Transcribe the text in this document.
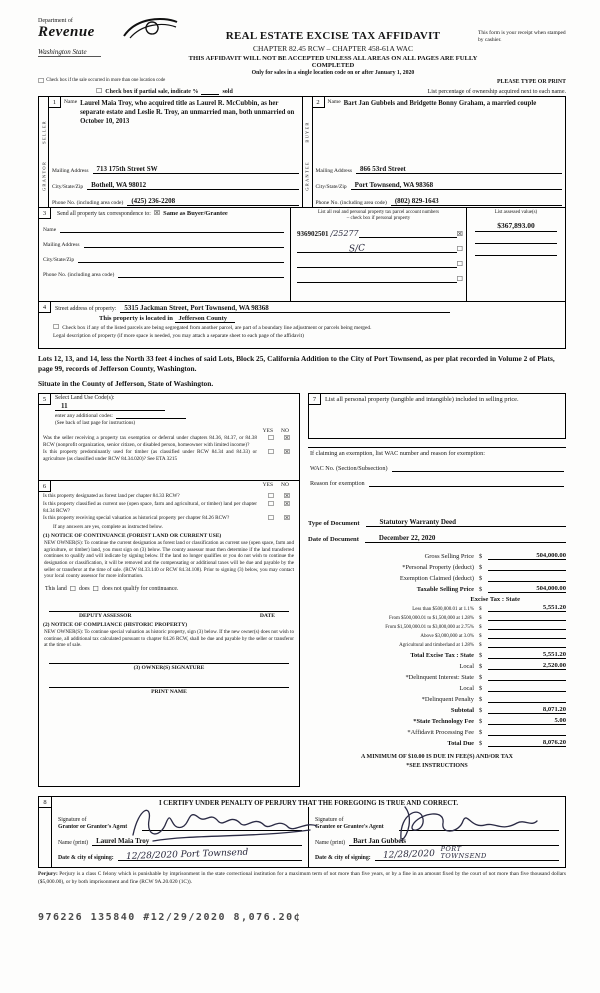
Department of
Revenue
Washington State
REAL ESTATE EXCISE TAX AFFIDAVIT
CHAPTER 82.45 RCW – CHAPTER 458-61A WAC
THIS AFFIDAVIT WILL NOT BE ACCEPTED UNLESS ALL AREAS ON ALL PAGES ARE FULLY COMPLETED
Only for sales in a single location code on or after January 1, 2020
This form is your receipt when stamped by cashier.
☐ Check box if the sale occurred in more than one location code	PLEASE TYPE OR PRINT
☐ Check box if partial sale, indicate %	sold	List percentage of ownership acquired next to each name.
SELLER
GRANTOR
1	Name Laurel Maia Troy, who acquired title as Laurel R. McCubbin, as her separate estate and Leslie R. Troy, an unmarried man, both unmarried on October 10, 2013
Mailing Address	713 175th Street SW
City/State/Zip	Bothell, WA 98012
Phone No. (including area code)	(425) 236-2208
BUYER
GRANTEE
2	Name Bart Jan Gubbels and Bridgette Bonny Graham, a married couple
Mailing Address	866 53rd Street
City/State/Zip	Port Townsend, WA 98368
Phone No. (including area code)	(802) 829-1643
3	Send all property tax correspondence to: ☒ Same as Buyer/Grantee
Name
Mailing Address
City/State/Zip
Phone No. (including area code)
List all real and personal property tax parcel account numbers
– check box if personal property
936902501 /25277	☒
S/C	☐
☐
☐
List assessed value(s)
$367,893.00
4	Street address of property:	5315 Jackman Street, Port Townsend, WA 98368
This property is located in Jefferson County
☐ Check box if any of the listed parcels are being segregated from another parcel, are part of a boundary line adjustment or parcels being merged.
Legal description of property (if more space is needed, you may attach a separate sheet to each page of the affidavit)
Lots 12, 13, and 14, less the North 33 feet 4 inches of said Lots, Block 25, California Addition to the City of Port Townsend, as per plat recorded in Volume 2 of Plats, page 99, records of Jefferson County, Washington.
Situate in the County of Jefferson, State of Washington.
5	Select Land Use Code(s):
11
enter any additional codes:
(See back of last page for instructions)
YES NO
Was the seller receiving a property tax exemption or deferral under chapters 84.36, 84.37, or 84.38 RCW (nonprofit organization, senior citizen, or disabled person, homeowner with limited income)?
☐	☒
Is this property predominantly used for timber (as classified under RCW 84.34 and 84.33) or agriculture (as classified under RCW 84.34.020)? See ETA 3215
☐	☒
6	YES NO
Is this property designated as forest land per chapter 84.33 RCW?	☐	☒
Is this property classified as current use (open space, farm and agricultural, or timber) land per chapter 84.34 RCW?
☐	☒
Is this property receiving special valuation as historical property per chapter 84.26 RCW?	☐	☒
If any answers are yes, complete as instructed below.
(1) NOTICE OF CONTINUANCE (FOREST LAND OR CURRENT USE)
NEW OWNER(S): To continue the current designation as forest land or classification as current use (open space, farm and agriculture, or timber) land, you must sign on (3) below. The county assessor must then determine if the land transferred continues to qualify and will indicate by signing below. If the land no longer qualifies or you do not wish to continue the designation or classification, it will be removed and the compensating or additional taxes will be due and payable by the seller or transferor at the time of sale. (RCW 84.33.140 or RCW 84.34.108). Prior to signing (3) below, you may contact your local county assessor for more information.
This land ☐ does ☐ does not qualify for continuance.
DEPUTY ASSESSOR	DATE
(2) NOTICE OF COMPLIANCE (HISTORIC PROPERTY)
NEW OWNER(S): To continue special valuation as historic property, sign (3) below. If the new owner(s) does not wish to continue, all additional tax calculated pursuant to chapter 84.26 RCW, shall be due and payable by the seller or transferor at the time of sale.
(3) OWNER(S) SIGNATURE
PRINT NAME
7	List all personal property (tangible and intangible) included in selling price.
If claiming an exemption, list WAC number and reason for exemption:
WAC No. (Section/Subsection)
Reason for exemption
Type of Document	Statutory Warranty Deed
Date of Document	December 22, 2020
Gross Selling Price $	504,000.00
*Personal Property (deduct) $
Exemption Claimed (deduct) $
Taxable Selling Price $	504,000.00
Excise Tax : State
Less than $500,000.01 at 1.1% $	5,551.20
From $500,000.01 to $1,500,000 at 1.28% $
From $1,500,000.01 to $3,000,000 at 2.75% $
Above $3,000,000 at 3.0% $
Agricultural and timberland at 1.28% $
Total Excise Tax : State $	5,551.20
Local $	2,520.00
*Delinquent Interest: State $
Local $
*Delinquent Penalty $
Subtotal $	8,071.20
*State Technology Fee $	5.00
*Affidavit Processing Fee $
Total Due $	8,076.20
A MINIMUM OF $10.00 IS DUE IN FEE(S) AND/OR TAX
*SEE INSTRUCTIONS
8	I CERTIFY UNDER PENALTY OF PERJURY THAT THE FOREGOING IS TRUE AND CORRECT.
Signature of
Grantor or Grantor's Agent
Name (print)	Laurel Maia Troy
Date & city of signing:	12/28/2020 Port Townsend
Signature of
Grantee or Grantee's Agent
Name (print)	Bart Jan Gubbels
Date & city of signing:	12/28/2020
PORT
TOWNSEND
Perjury: Perjury is a class C felony which is punishable by imprisonment in the state correctional institution for a maximum term of not more than five years, or by a fine in an amount fixed by the court of not more than five thousand dollars ($5,000.00), or by both imprisonment and fine (RCW 9A.20.020 (1C)).
976226 135840 #12/29/2020 8,076.20¢
